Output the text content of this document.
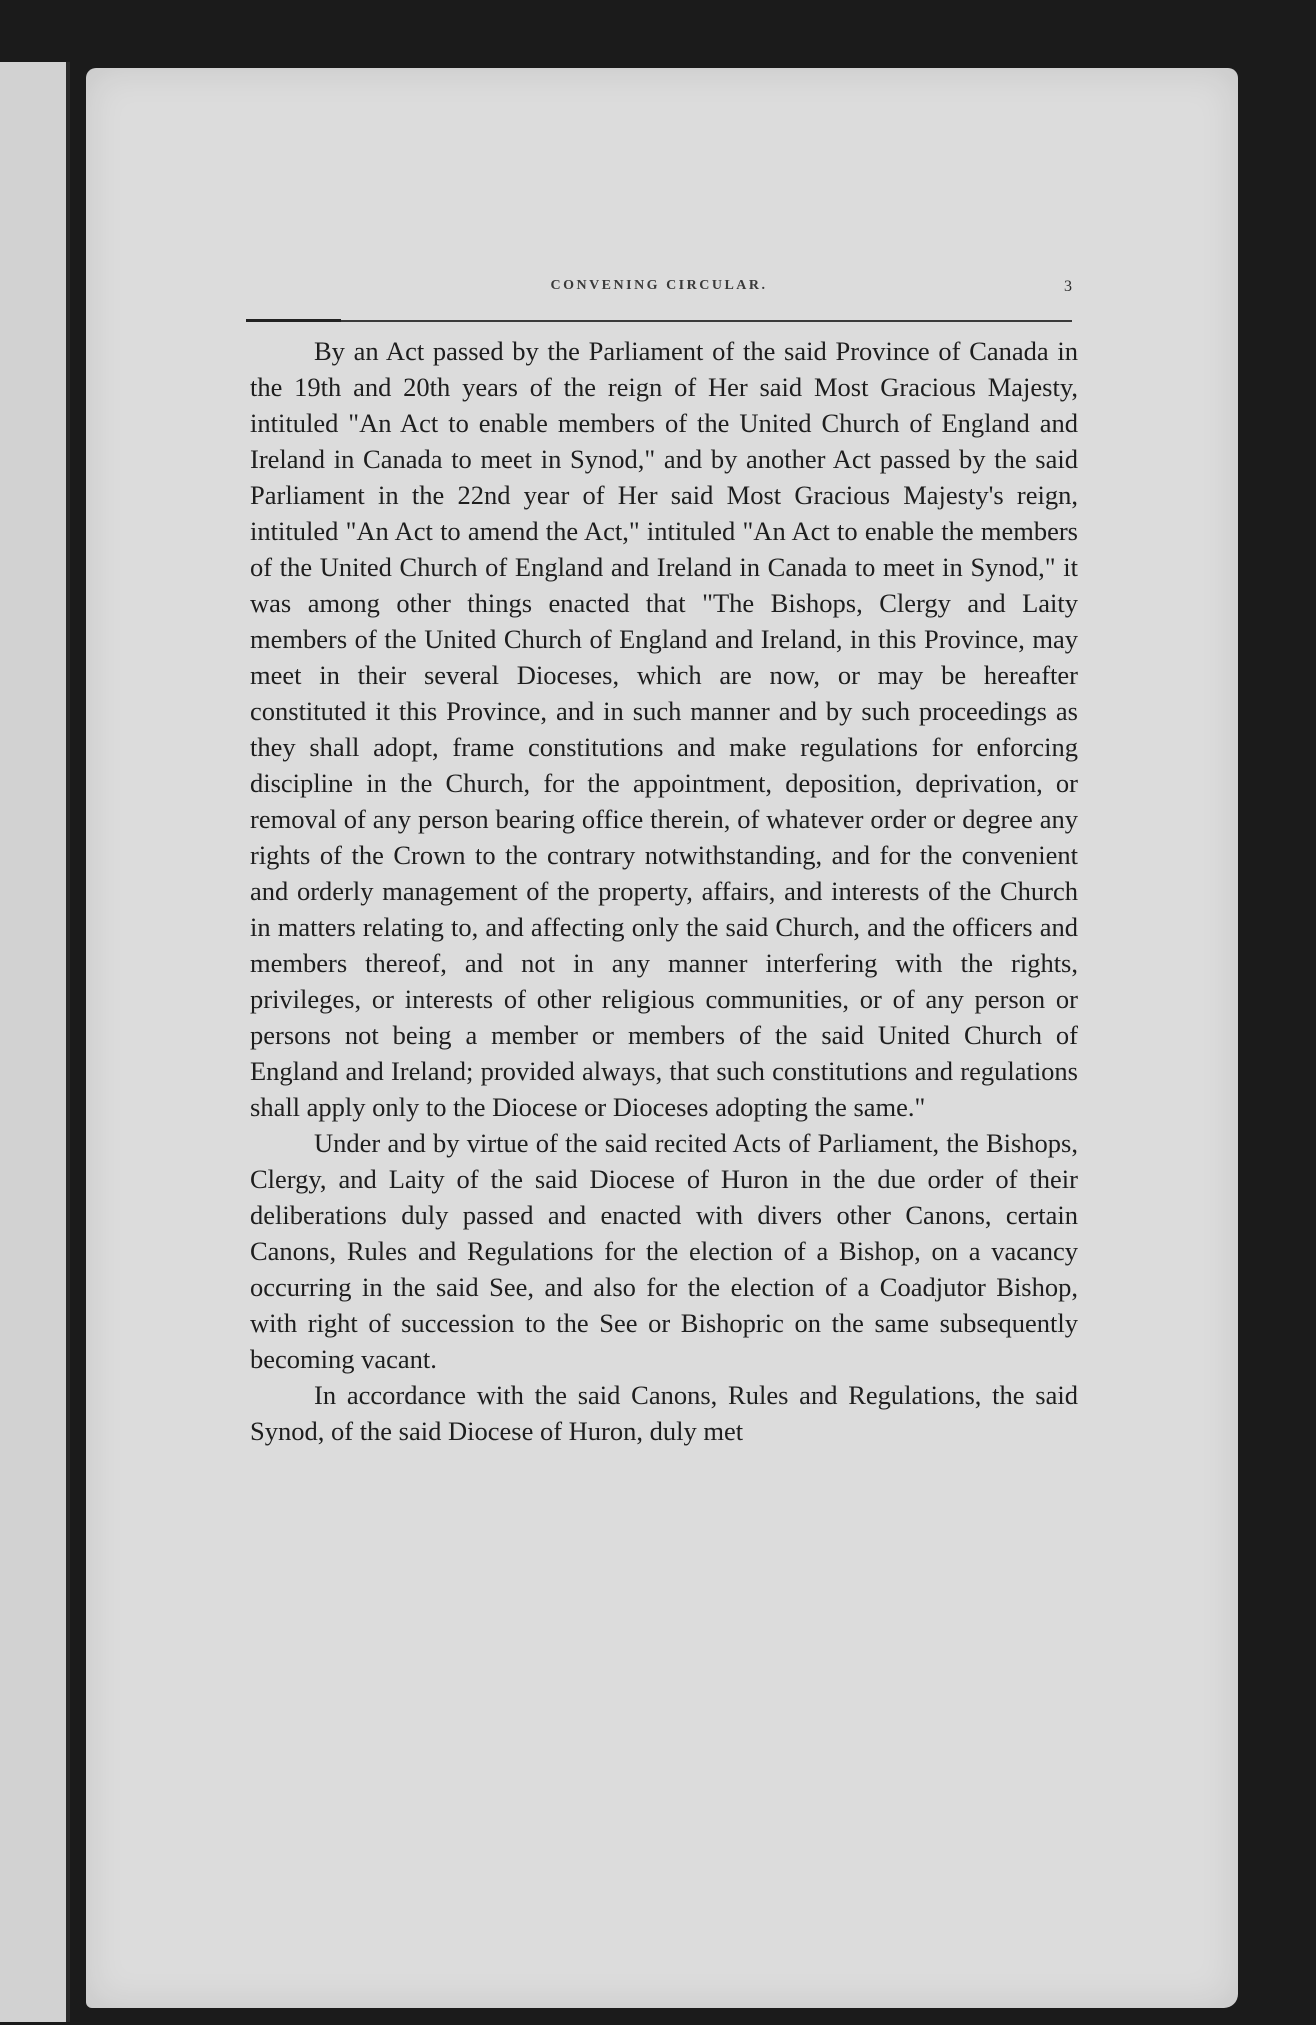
CONVENING CIRCULAR.	3

By an Act passed by the Parliament of the said Province of Canada in the 19th and 20th years of the reign of Her said Most Gracious Majesty, intituled "An Act to enable members of the United Church of England and Ireland in Canada to meet in Synod," and by another Act passed by the said Parliament in the 22nd year of Her said Most Gracious Majesty's reign, intituled "An Act to amend the Act," intituled "An Act to enable the members of the United Church of England and Ireland in Canada to meet in Synod," it was among other things enacted that "The Bishops, Clergy and Laity members of the United Church of England and Ireland, in this Province, may meet in their several Dioceses, which are now, or may be hereafter constituted it this Province, and in such manner and by such proceedings as they shall adopt, frame constitutions and make regulations for enforcing discipline in the Church, for the appointment, deposition, deprivation, or removal of any person bearing office therein, of whatever order or degree any rights of the Crown to the contrary notwithstanding, and for the convenient and orderly management of the property, affairs, and interests of the Church in matters relating to, and affecting only the said Church, and the officers and members thereof, and not in any manner interfering with the rights, privileges, or interests of other religious communities, or of any person or persons not being a member or members of the said United Church of England and Ireland; provided always, that such constitutions and regulations shall apply only to the Diocese or Dioceses adopting the same."

Under and by virtue of the said recited Acts of Parliament, the Bishops, Clergy, and Laity of the said Diocese of Huron in the due order of their deliberations duly passed and enacted with divers other Canons, certain Canons, Rules and Regulations for the election of a Bishop, on a vacancy occurring in the said See, and also for the election of a Coadjutor Bishop, with right of succession to the See or Bishopric on the same subsequently becoming vacant.

In accordance with the said Canons, Rules and Regulations, the said Synod, of the said Diocese of Huron, duly met
